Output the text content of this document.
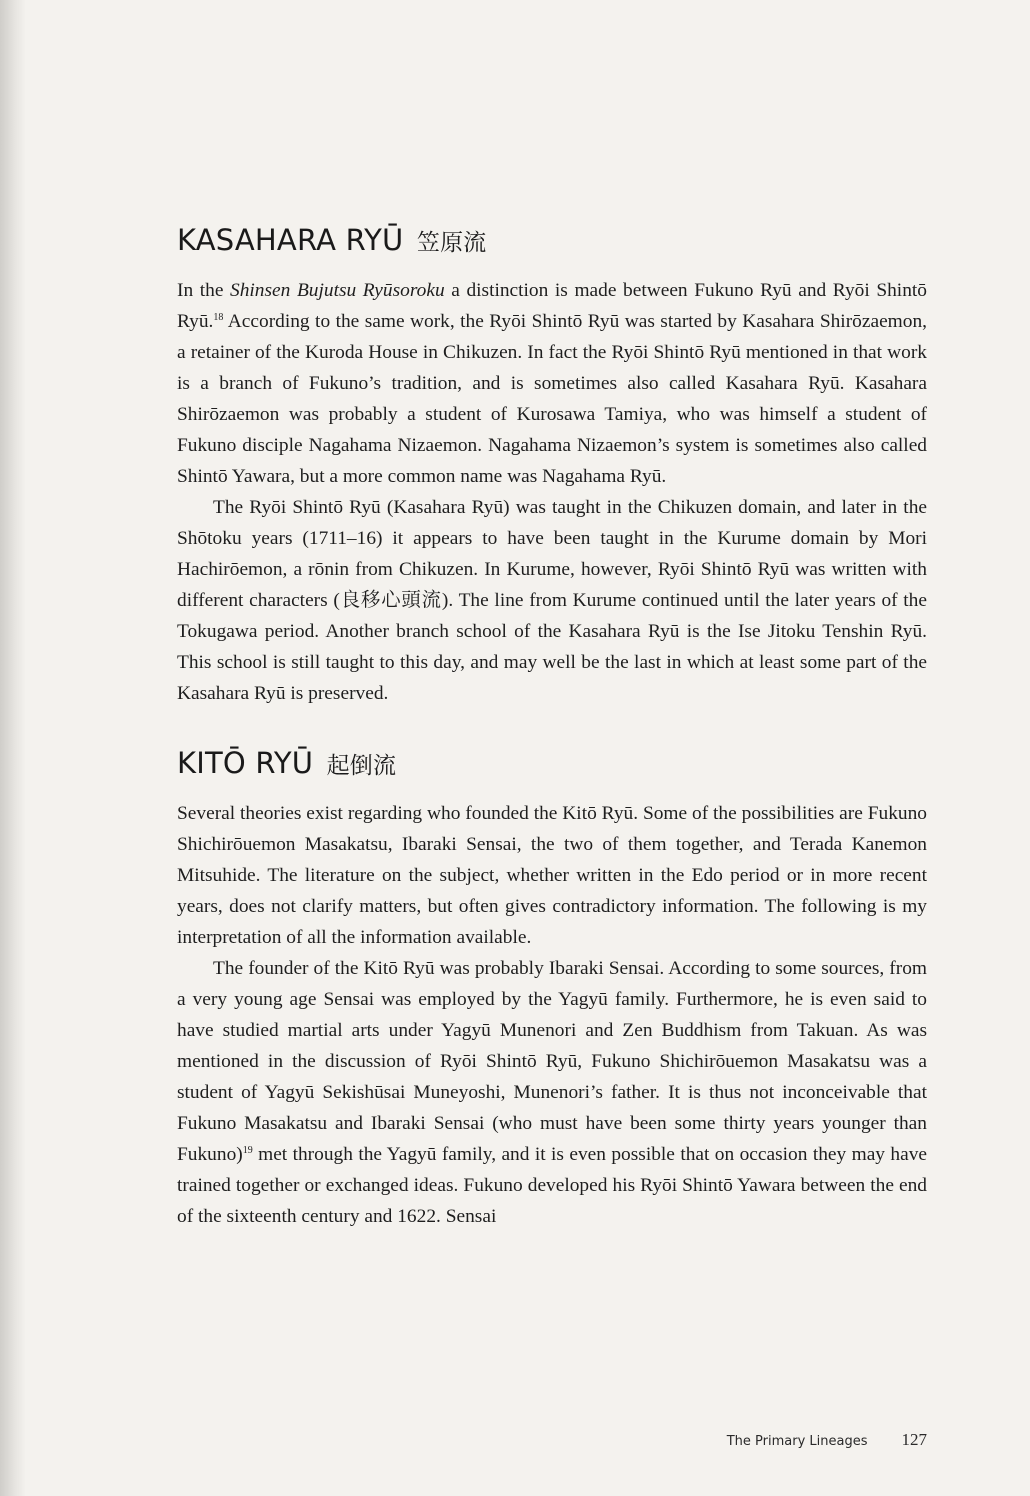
KASAHARA RYŪ 笠原流

In the Shinsen Bujutsu Ryūsoroku a distinction is made between Fukuno Ryū and Ryōi Shintō Ryū.$^{18}$ According to the same work, the Ryōi Shintō Ryū was started by Kasahara Shirōzaemon, a retainer of the Kuroda House in Chikuzen. In fact the Ryōi Shintō Ryū mentioned in that work is a branch of Fukuno’s tradition, and is sometimes also called Kasahara Ryū. Kasahara Shirōzaemon was probably a student of Kurosawa Tamiya, who was himself a student of Fukuno disciple Nagahama Nizaemon. Nagahama Nizaemon’s system is sometimes also called Shintō Yawara, but a more common name was Nagahama Ryū.

The Ryōi Shintō Ryū (Kasahara Ryū) was taught in the Chikuzen domain, and later in the Shōtoku years (1711–16) it appears to have been taught in the Kurume domain by Mori Hachirōemon, a rōnin from Chikuzen. In Kurume, however, Ryōi Shintō Ryū was written with different characters (良移心頭流). The line from Kurume continued until the later years of the Tokugawa period. Another branch school of the Kasahara Ryū is the Ise Jitoku Tenshin Ryū. This school is still taught to this day, and may well be the last in which at least some part of the Kasahara Ryū is preserved.

KITŌ RYŪ 起倒流

Several theories exist regarding who founded the Kitō Ryū. Some of the possibilities are Fukuno Shichirōuemon Masakatsu, Ibaraki Sensai, the two of them together, and Terada Kanemon Mitsuhide. The literature on the subject, whether written in the Edo period or in more recent years, does not clarify matters, but often gives contradictory information. The following is my interpretation of all the information available.

The founder of the Kitō Ryū was probably Ibaraki Sensai. According to some sources, from a very young age Sensai was employed by the Yagyū family. Furthermore, he is even said to have studied martial arts under Yagyū Munenori and Zen Buddhism from Takuan. As was mentioned in the discussion of Ryōi Shintō Ryū, Fukuno Shichirōuemon Masakatsu was a student of Yagyū Sekishūsai Muneyoshi, Munenori’s father. It is thus not inconceivable that Fukuno Masakatsu and Ibaraki Sensai (who must have been some thirty years younger than Fukuno)$^{19}$ met through the Yagyū family, and it is even possible that on occasion they may have trained together or exchanged ideas. Fukuno developed his Ryōi Shintō Yawara between the end of the sixteenth century and 1622. Sensai

The Primary Lineages 127
